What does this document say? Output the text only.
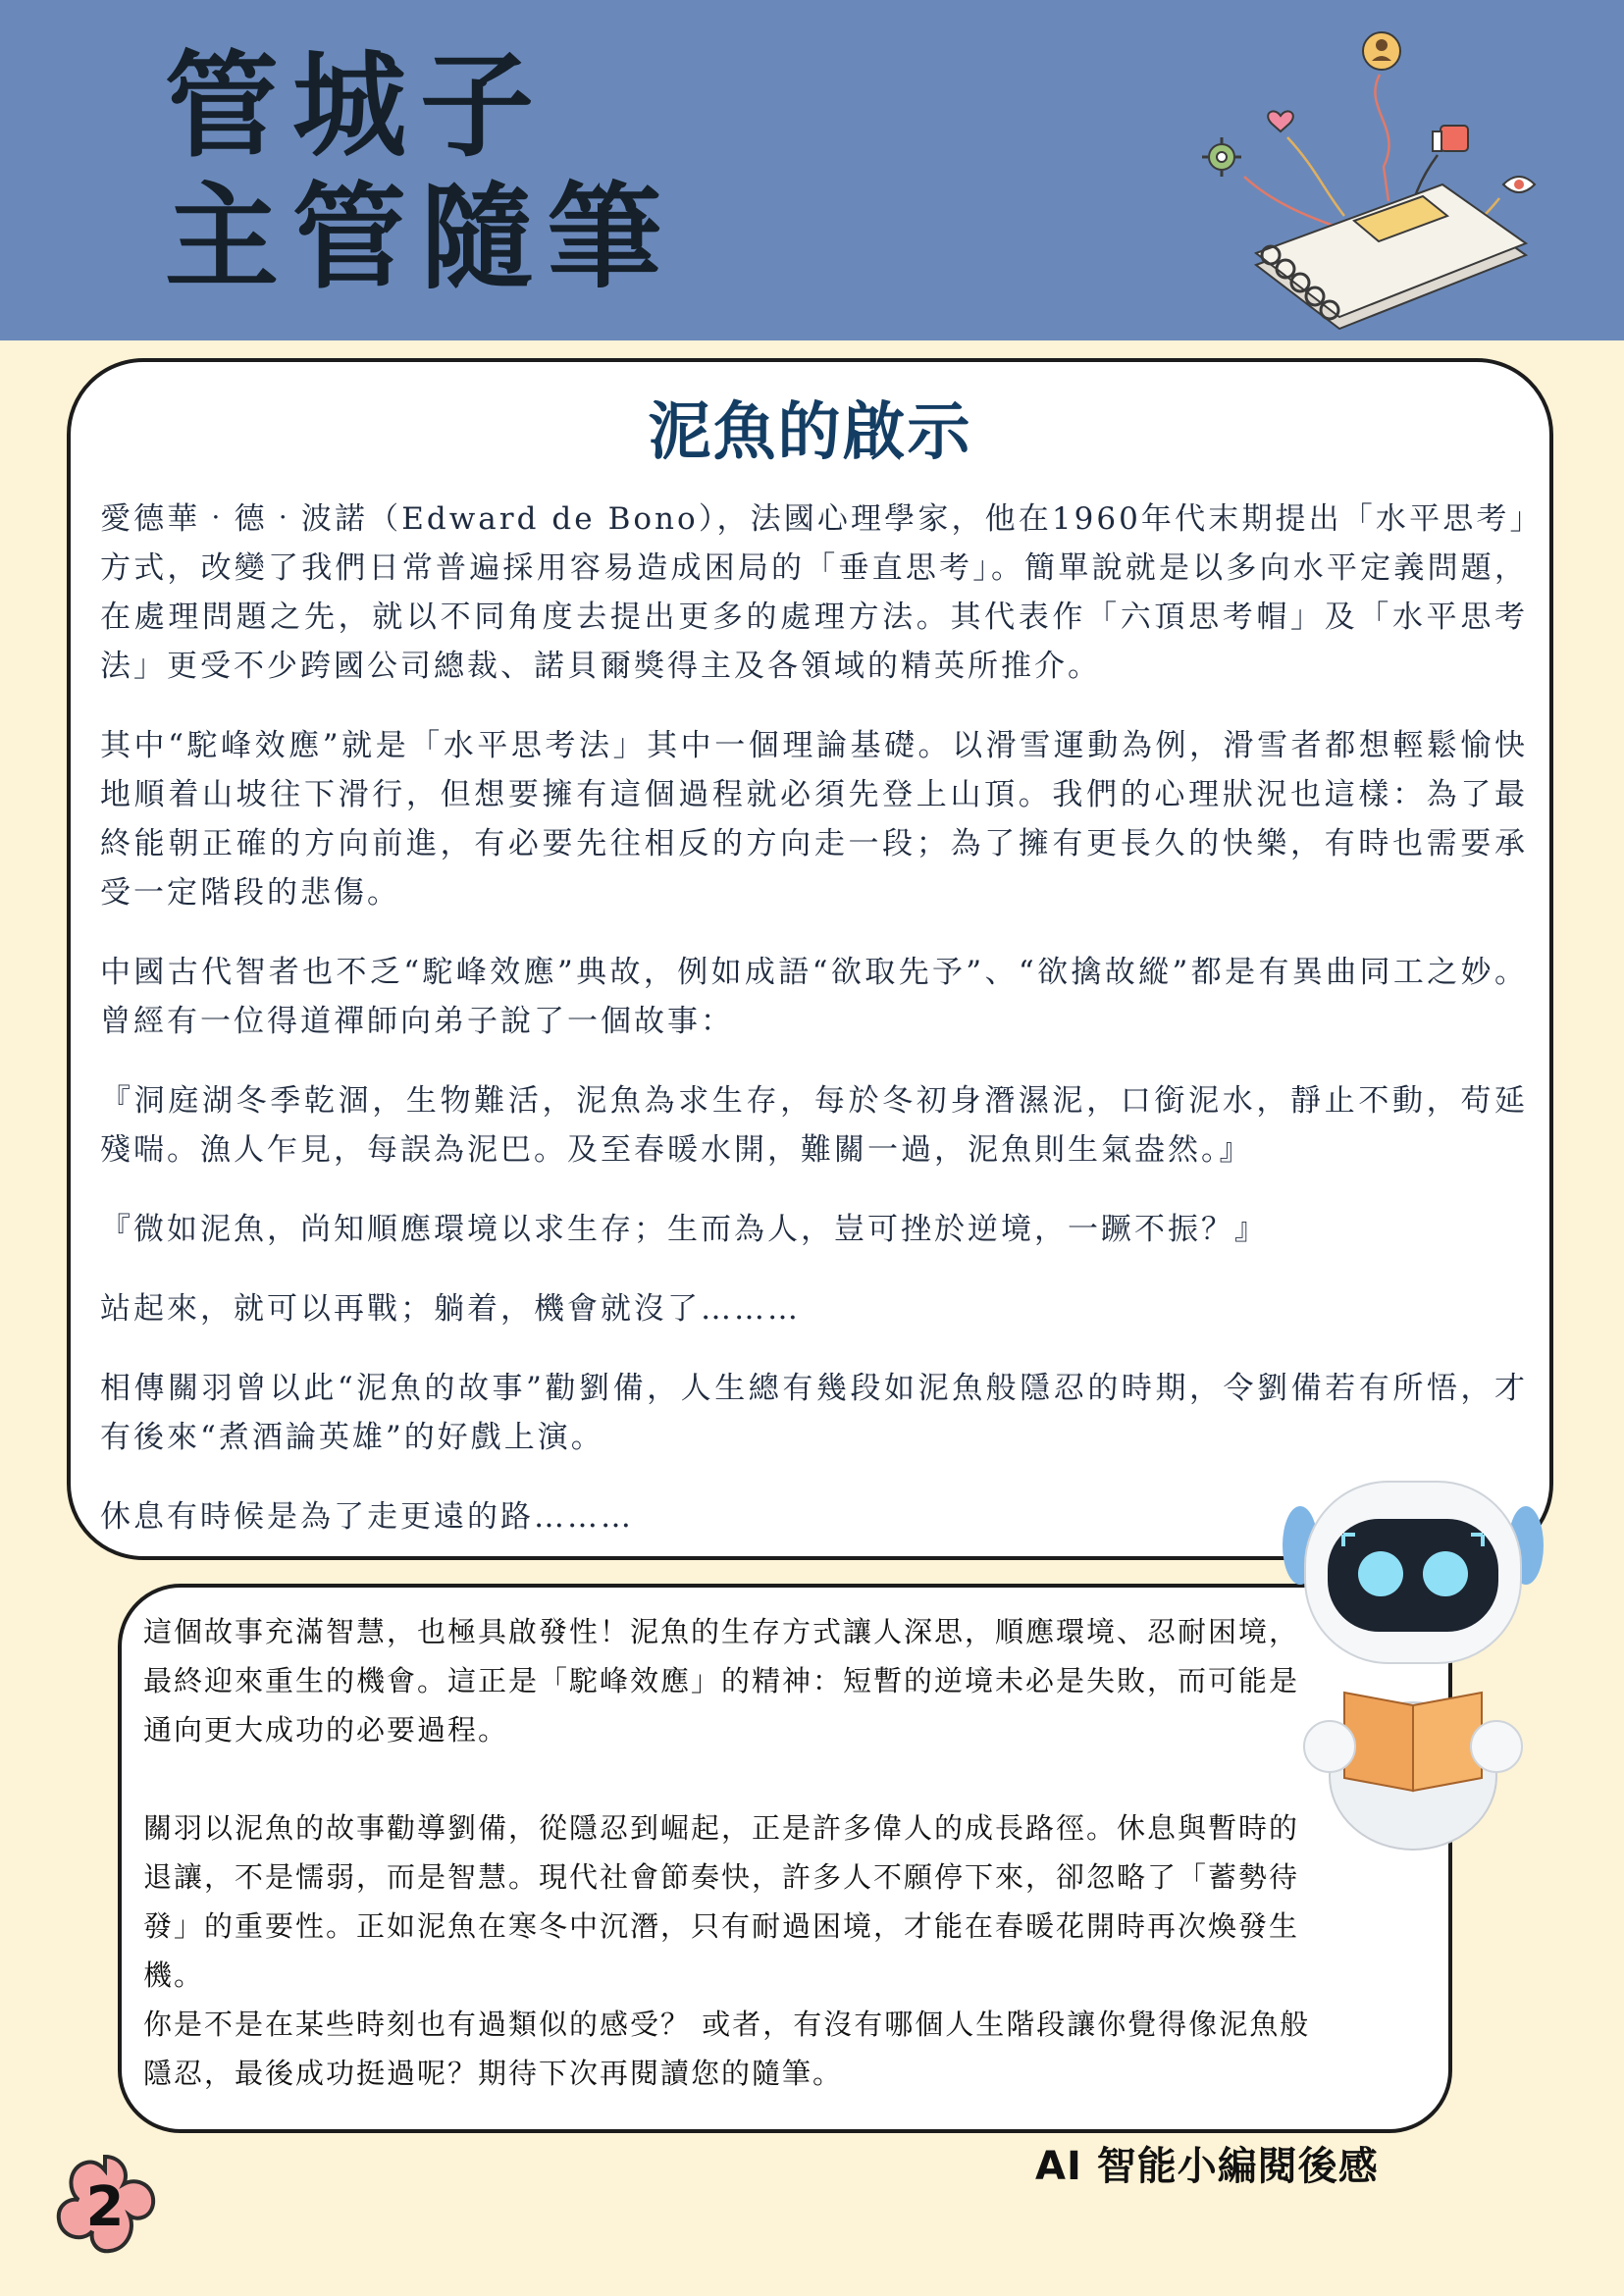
管城子
主管隨筆
泥魚的啟示

愛德華‧德‧波諾（Edward de Bono），法國心理學家，他在1960年代末期提出「水平思考」方式，改變了我們日常普遍採用容易造成困局的「垂直思考」。簡單說就是以多向水平定義問題，在處理問題之先，就以不同角度去提出更多的處理方法。其代表作「六頂思考帽」及「水平思考法」更受不少跨國公司總裁、諾貝爾獎得主及各領域的精英所推介。

其中“駝峰效應”就是「水平思考法」其中一個理論基礎。以滑雪運動為例，滑雪者都想輕鬆愉快地順着山坡往下滑行，但想要擁有這個過程就必須先登上山頂。我們的心理狀況也這樣：為了最終能朝正確的方向前進，有必要先往相反的方向走一段；為了擁有更長久的快樂，有時也需要承受一定階段的悲傷。

中國古代智者也不乏“駝峰效應”典故，例如成語“欲取先予”、“欲擒故縱”都是有異曲同工之妙。曾經有一位得道禪師向弟子說了一個故事：

『洞庭湖冬季乾涸，生物難活，泥魚為求生存，每於冬初身潛濕泥，口銜泥水，靜止不動，苟延殘喘。漁人乍見，每誤為泥巴。及至春暖水開，難關一過，泥魚則生氣盎然。』

『微如泥魚，尚知順應環境以求生存；生而為人，豈可挫於逆境，一蹶不振？』

站起來，就可以再戰；躺着，機會就沒了………

相傳關羽曾以此“泥魚的故事”勸劉備，人生總有幾段如泥魚般隱忍的時期，令劉備若有所悟，才有後來“煮酒論英雄”的好戲上演。

休息有時候是為了走更遠的路………

這個故事充滿智慧，也極具啟發性！泥魚的生存方式讓人深思，順應環境、忍耐困境，最終迎來重生的機會。這正是「駝峰效應」的精神：短暫的逆境未必是失敗，而可能是通向更大成功的必要過程。

關羽以泥魚的故事勸導劉備，從隱忍到崛起，正是許多偉人的成長路徑。休息與暫時的退讓，不是懦弱，而是智慧。現代社會節奏快，許多人不願停下來，卻忽略了「蓄勢待發」的重要性。正如泥魚在寒冬中沉潛，只有耐過困境，才能在春暖花開時再次煥發生機。

你是不是在某些時刻也有過類似的感受？ 或者，有沒有哪個人生階段讓你覺得像泥魚般隱忍，最後成功挺過呢？期待下次再閱讀您的隨筆。

AI 智能小編閱後感
2
